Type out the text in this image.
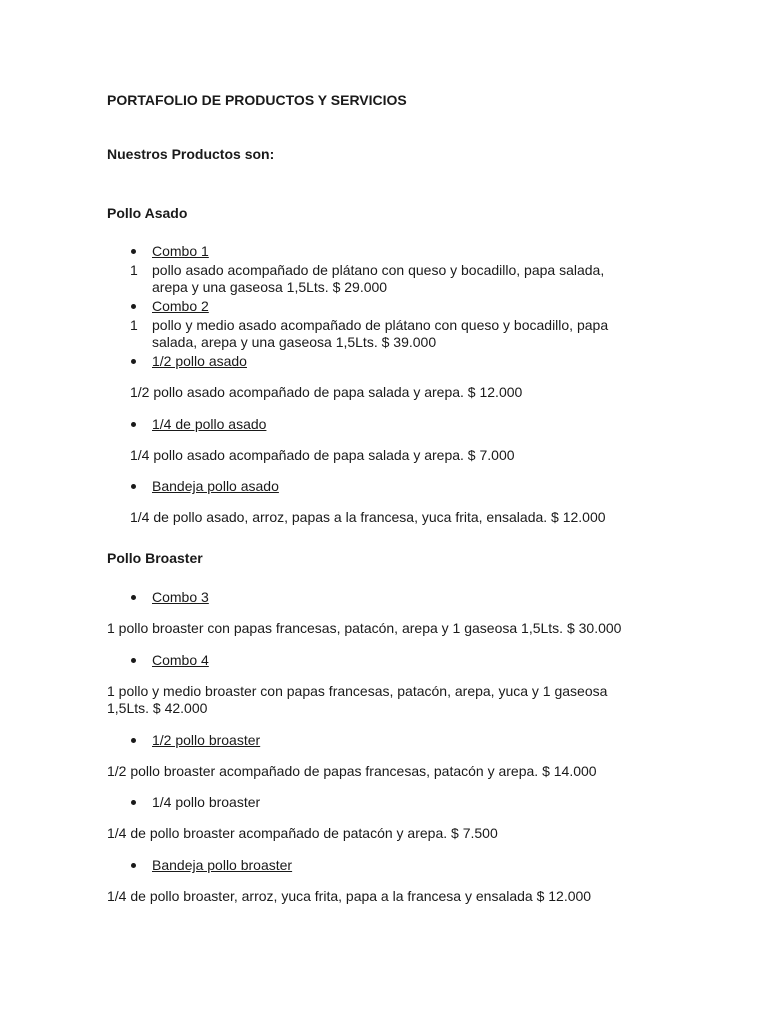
PORTAFOLIO DE PRODUCTOS Y SERVICIOS
Nuestros Productos son:
Pollo Asado
Combo 1
1 pollo asado acompañado de plátano con queso y bocadillo, papa salada,
arepa y una gaseosa 1,5Lts. $ 29.000
Combo 2
1 pollo y medio asado acompañado de plátano con queso y bocadillo, papa
salada, arepa y una gaseosa 1,5Lts. $ 39.000
1/2 pollo asado
1/2 pollo asado acompañado de papa salada y arepa. $ 12.000
1/4 de pollo asado
1/4 pollo asado acompañado de papa salada y arepa. $ 7.000
Bandeja pollo asado
1/4 de pollo asado, arroz, papas a la francesa, yuca frita, ensalada. $ 12.000
Pollo Broaster
Combo 3
1 pollo broaster con papas francesas, patacón, arepa y 1 gaseosa 1,5Lts. $ 30.000
Combo 4
1 pollo y medio broaster con papas francesas, patacón, arepa, yuca y 1 gaseosa
1,5Lts. $ 42.000
1/2 pollo broaster
1/2 pollo broaster acompañado de papas francesas, patacón y arepa. $ 14.000
1/4 pollo broaster
1/4 de pollo broaster acompañado de patacón y arepa. $ 7.500
Bandeja pollo broaster
1/4 de pollo broaster, arroz, yuca frita, papa a la francesa y ensalada $ 12.000
